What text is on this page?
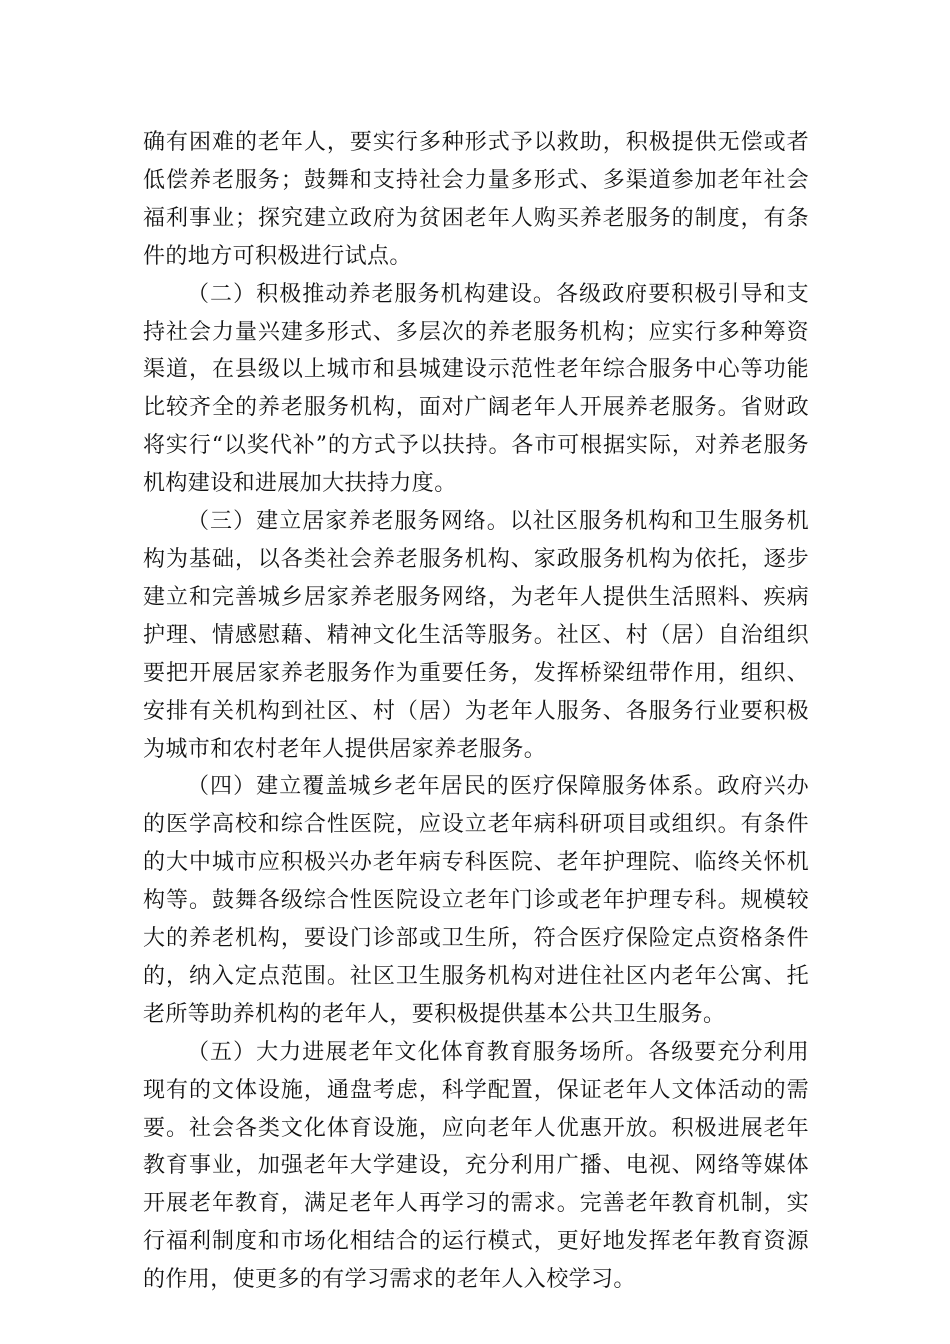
确有困难的老年人，要实行多种形式予以救助，积极提供无偿或者低偿养老服务；鼓舞和支持社会力量多形式、多渠道参加老年社会福利事业；探究建立政府为贫困老年人购买养老服务的制度，有条件的地方可积极进行试点。

（二）积极推动养老服务机构建设。各级政府要积极引导和支持社会力量兴建多形式、多层次的养老服务机构；应实行多种筹资渠道，在县级以上城市和县城建设示范性老年综合服务中心等功能比较齐全的养老服务机构，面对广阔老年人开展养老服务。省财政将实行“以奖代补”的方式予以扶持。各市可根据实际，对养老服务机构建设和进展加大扶持力度。

（三）建立居家养老服务网络。以社区服务机构和卫生服务机构为基础，以各类社会养老服务机构、家政服务机构为依托，逐步建立和完善城乡居家养老服务网络，为老年人提供生活照料、疾病护理、情感慰藉、精神文化生活等服务。社区、村（居）自治组织要把开展居家养老服务作为重要任务，发挥桥梁纽带作用，组织、安排有关机构到社区、村（居）为老年人服务、各服务行业要积极为城市和农村老年人提供居家养老服务。

（四）建立覆盖城乡老年居民的医疗保障服务体系。政府兴办的医学高校和综合性医院，应设立老年病科研项目或组织。有条件的大中城市应积极兴办老年病专科医院、老年护理院、临终关怀机构等。鼓舞各级综合性医院设立老年门诊或老年护理专科。规模较大的养老机构，要设门诊部或卫生所，符合医疗保险定点资格条件的，纳入定点范围。社区卫生服务机构对进住社区内老年公寓、托老所等助养机构的老年人，要积极提供基本公共卫生服务。

（五）大力进展老年文化体育教育服务场所。各级要充分利用现有的文体设施，通盘考虑，科学配置，保证老年人文体活动的需要。社会各类文化体育设施，应向老年人优惠开放。积极进展老年教育事业，加强老年大学建设，充分利用广播、电视、网络等媒体开展老年教育，满足老年人再学习的需求。完善老年教育机制，实行福利制度和市场化相结合的运行模式，更好地发挥老年教育资源的作用，使更多的有学习需求的老年人入校学习。
